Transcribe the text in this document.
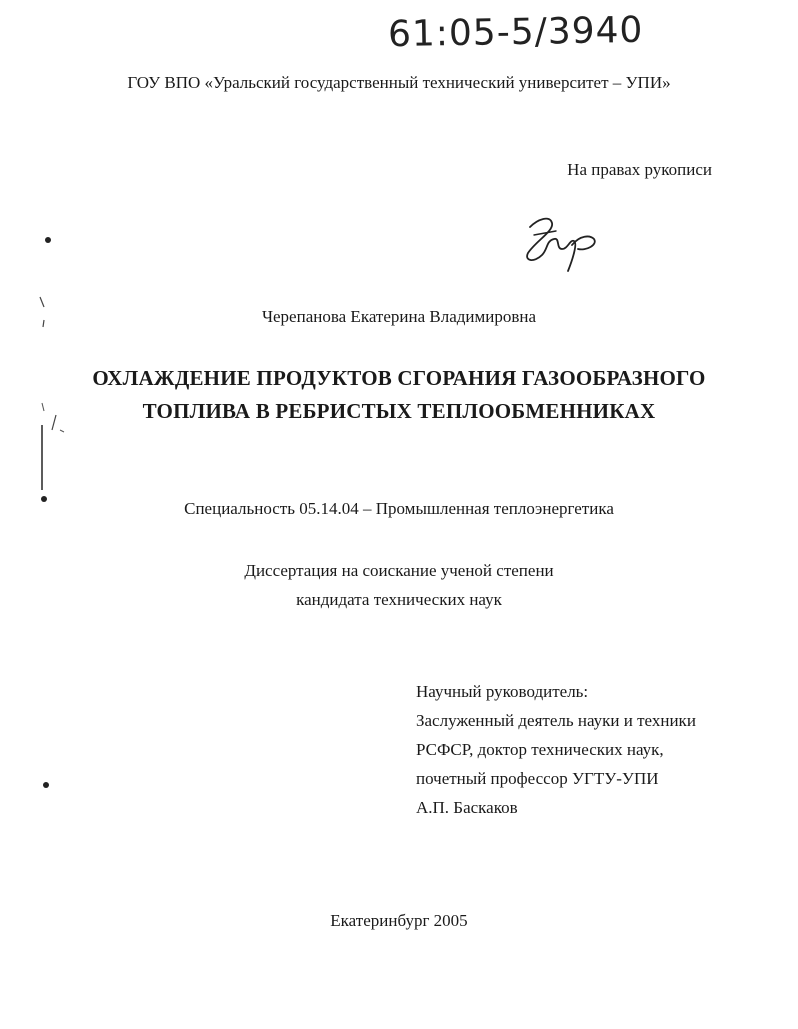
61:05-5/3940
ГОУ ВПО «Уральский государственный технический университет – УПИ»
На правах рукописи
Черепанова Екатерина Владимировна
ОХЛАЖДЕНИЕ ПРОДУКТОВ СГОРАНИЯ ГАЗООБРАЗНОГО
ТОПЛИВА В РЕБРИСТЫХ ТЕПЛООБМЕННИКАХ
Специальность 05.14.04 – Промышленная теплоэнергетика
Диссертация на соискание ученой степени
кандидата технических наук
Научный руководитель:
Заслуженный деятель науки и техники
РСФСР, доктор технических наук,
почетный профессор УГТУ-УПИ
А.П. Баскаков
Екатеринбург 2005
